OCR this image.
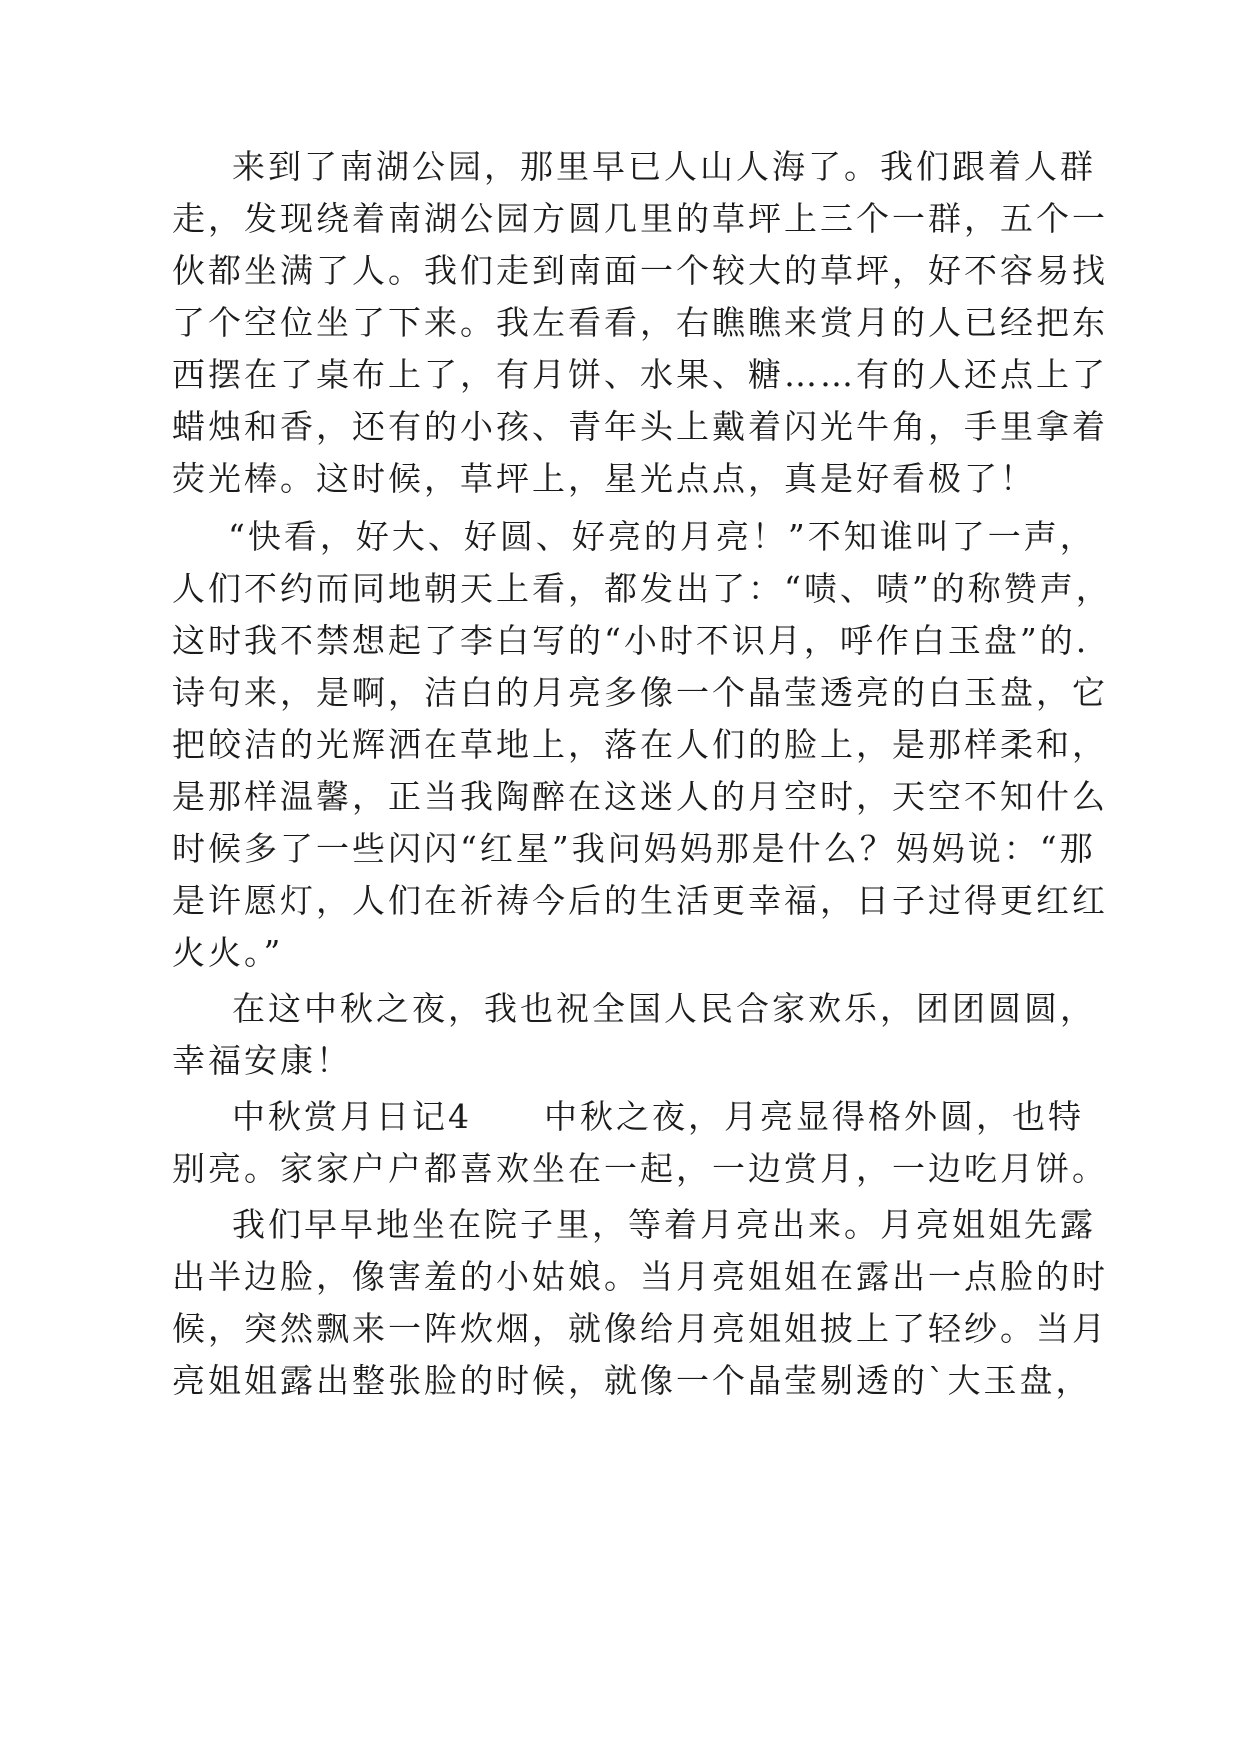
来到了南湖公园，那里早已人山人海了。我们跟着人群
走，发现绕着南湖公园方圆几里的草坪上三个一群，五个一
伙都坐满了人。我们走到南面一个较大的草坪，好不容易找
了个空位坐了下来。我左看看，右瞧瞧来赏月的人已经把东
西摆在了桌布上了，有月饼、水果、糖……有的人还点上了
蜡烛和香，还有的小孩、青年头上戴着闪光牛角，手里拿着
荧光棒。这时候，草坪上，星光点点，真是好看极了！
“快看，好大、好圆、好亮的月亮！”不知谁叫了一声，
人们不约而同地朝天上看，都发出了：“啧、啧”的称赞声，
这时我不禁想起了李白写的“小时不识月，呼作白玉盘”的.
诗句来，是啊，洁白的月亮多像一个晶莹透亮的白玉盘，它
把皎洁的光辉洒在草地上，落在人们的脸上，是那样柔和，
是那样温馨，正当我陶醉在这迷人的月空时，天空不知什么
时候多了一些闪闪“红星”我问妈妈那是什么？妈妈说：“那
是许愿灯，人们在祈祷今后的生活更幸福，日子过得更红红
火火。”
在这中秋之夜，我也祝全国人民合家欢乐，团团圆圆，
幸福安康！
中秋赏月日记4　　中秋之夜，月亮显得格外圆，也特
别亮。家家户户都喜欢坐在一起，一边赏月，一边吃月饼。
我们早早地坐在院子里，等着月亮出来。月亮姐姐先露
出半边脸，像害羞的小姑娘。当月亮姐姐在露出一点脸的时
候，突然飘来一阵炊烟，就像给月亮姐姐披上了轻纱。当月
亮姐姐露出整张脸的时候，就像一个晶莹剔透的`大玉盘，
